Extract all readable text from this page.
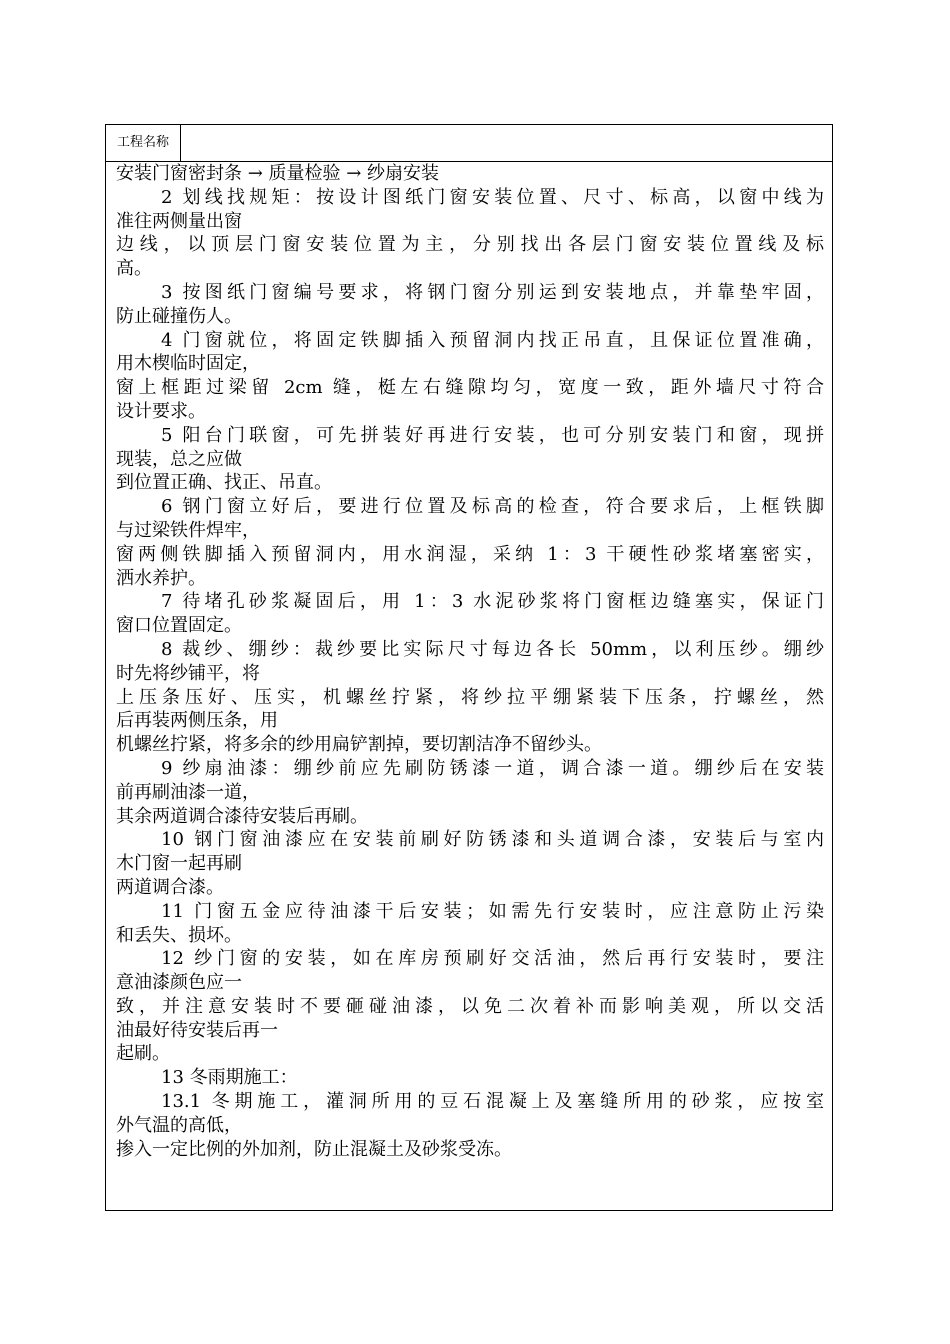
工程名称
安装门窗密封条 → 质量检验 → 纱扇安装
2 划线找规矩：按设计图纸门窗安装位置、尺寸、标高，以窗中线为
准往两侧量出窗
边线，以顶层门窗安装位置为主，分别找出各层门窗安装位置线及标
高。
3 按图纸门窗编号要求，将钢门窗分别运到安装地点，并靠垫牢固，
防止碰撞伤人。
4 门窗就位，将固定铁脚插入预留洞内找正吊直，且保证位置准确，
用木楔临时固定，
窗上框距过梁留 2cm 缝，梃左右缝隙均匀，宽度一致，距外墙尺寸符合
设计要求。
5 阳台门联窗，可先拼装好再进行安装，也可分别安装门和窗，现拼
现装，总之应做
到位置正确、找正、吊直。
6 钢门窗立好后，要进行位置及标高的检查，符合要求后，上框铁脚
与过梁铁件焊牢，
窗两侧铁脚插入预留洞内，用水润湿，采纳 1：3 干硬性砂浆堵塞密实，
洒水养护。
7 待堵孔砂浆凝固后，用 1：3 水泥砂浆将门窗框边缝塞实，保证门
窗口位置固定。
8 裁纱、绷纱：裁纱要比实际尺寸每边各长 50mm，以利压纱。绷纱
时先将纱铺平，将
上压条压好、压实，机螺丝拧紧，将纱拉平绷紧装下压条，拧螺丝，然
后再装两侧压条，用
机螺丝拧紧，将多余的纱用扁铲割掉，要切割洁净不留纱头。
9 纱扇油漆：绷纱前应先刷防锈漆一道，调合漆一道。绷纱后在安装
前再刷油漆一道，
其余两道调合漆待安装后再刷。
10 钢门窗油漆应在安装前刷好防锈漆和头道调合漆，安装后与室内
木门窗一起再刷
两道调合漆。
11 门窗五金应待油漆干后安装；如需先行安装时，应注意防止污染
和丢失、损坏。
12 纱门窗的安装，如在库房预刷好交活油，然后再行安装时，要注
意油漆颜色应一
致，并注意安装时不要砸碰油漆，以免二次着补而影响美观，所以交活
油最好待安装后再一
起刷。
13 冬雨期施工：
13.1 冬期施工，灌洞所用的豆石混凝上及塞缝所用的砂浆，应按室
外气温的高低，
掺入一定比例的外加剂，防止混凝土及砂浆受冻。
